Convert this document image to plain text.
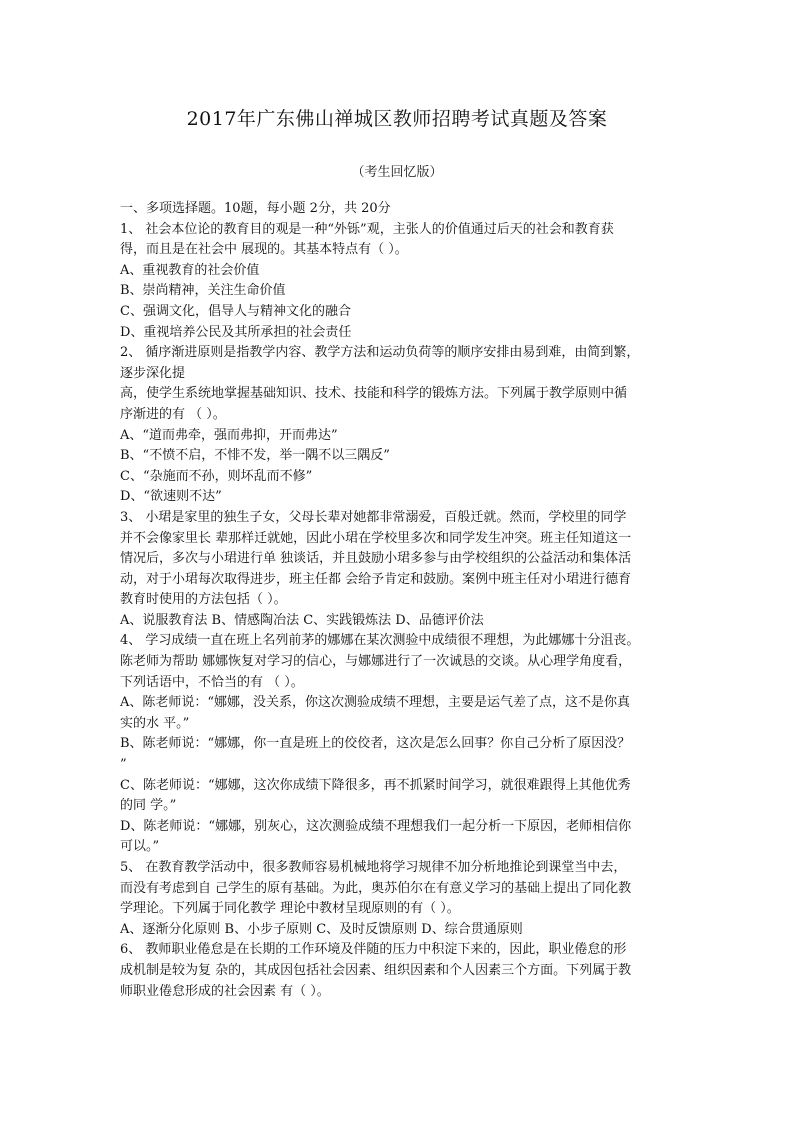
2017年广东佛山禅城区教师招聘考试真题及答案
（考生回忆版）

一、多项选择题。10题，每小题 2分，共 20分

1、 社会本位论的教育目的观是一种“外铄”观，主张人的价值通过后天的社会和教育获

得，而且是在社会中 展现的。其基本特点有（ ）。

A、重视教育的社会价值

B、崇尚精神，关注生命价值

C、强调文化，倡导人与精神文化的融合

D、重视培养公民及其所承担的社会责任

2、 循序渐进原则是指教学内容、教学方法和运动负荷等的顺序安排由易到难，由简到繁，

逐步深化提

高，使学生系统地掌握基础知识、技术、技能和科学的锻炼方法。下列属于教学原则中循

序渐进的有 （ ）。

A、“道而弗牵，强而弗抑，开而弗达”

B、“不愤不启，不悱不发，举一隅不以三隅反”

C、“杂施而不孙，则坏乱而不修”

D、“欲速则不达”

3、 小珺是家里的独生子女，父母长辈对她都非常溺爱，百般迁就。然而，学校里的同学

并不会像家里长 辈那样迁就她，因此小珺在学校里多次和同学发生冲突。班主任知道这一

情况后，多次与小珺进行单 独谈话，并且鼓励小珺多参与由学校组织的公益活动和集体活

动，对于小珺每次取得进步，班主任都 会给予肯定和鼓励。案例中班主任对小珺进行德育

教育时使用的方法包括（ ）。

A、说服教育法 B、情感陶冶法 C、实践锻炼法 D、品德评价法

4、 学习成绩一直在班上名列前茅的娜娜在某次测验中成绩很不理想，为此娜娜十分沮丧。

陈老师为帮助 娜娜恢复对学习的信心，与娜娜进行了一次诚恳的交谈。从心理学角度看，

下列话语中，不恰当的有 （ ）。

A、陈老师说：“娜娜，没关系，你这次测验成绩不理想，主要是运气差了点，这不是你真

实的水 平。”

B、陈老师说：“娜娜，你一直是班上的佼佼者，这次是怎么回事？你自己分析了原因没？

”

C、陈老师说：“娜娜，这次你成绩下降很多，再不抓紧时间学习，就很难跟得上其他优秀

的同 学。”

D、陈老师说：“娜娜，别灰心，这次测验成绩不理想我们一起分析一下原因，老师相信你

可以。”

5、 在教育教学活动中，很多教师容易机械地将学习规律不加分析地推论到课堂当中去，

而没有考虑到自 己学生的原有基础。为此，奥苏伯尔在有意义学习的基础上提出了同化教

学理论。下列属于同化教学 理论中教材呈现原则的有（ ）。

A、逐渐分化原则 B、小步子原则 C、及时反馈原则 D、综合贯通原则

6、 教师职业倦怠是在长期的工作环境及伴随的压力中积淀下来的，因此，职业倦怠的形

成机制是较为复 杂的，其成因包括社会因素、组织因素和个人因素三个方面。下列属于教

师职业倦怠形成的社会因素 有（ ）。
